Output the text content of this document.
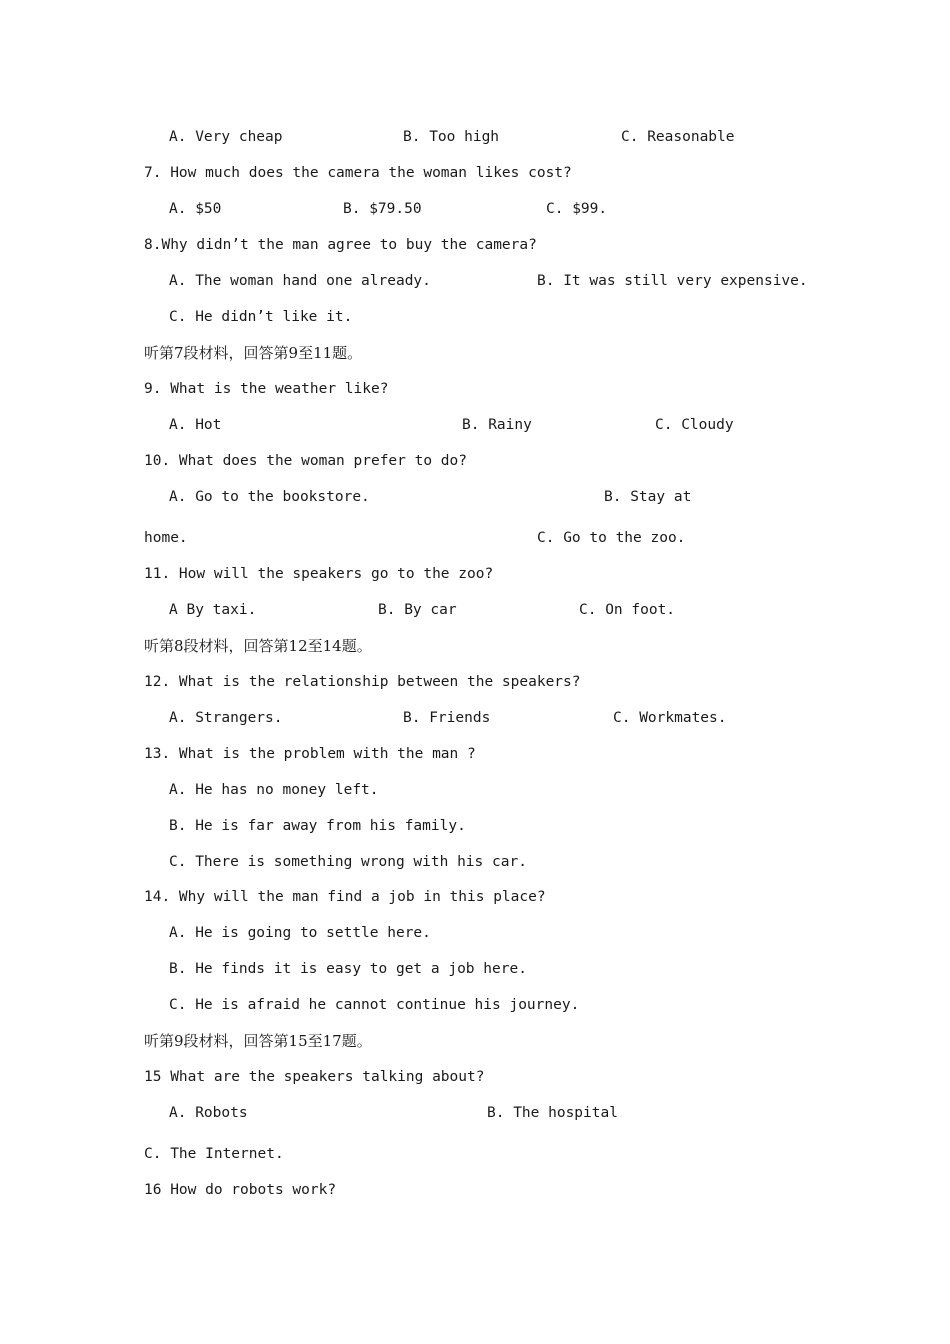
A. Very cheap	B. Too high	C. Reasonable
7. How much does the camera the woman likes cost?
A. $50	B. $79.50	C. $99.
8.Why didn’t the man agree to buy the camera?
A. The woman hand one already.	B. It was still very expensive.
C. He didn’t like it.
听第7段材料，回答第9至11题。
9. What is the weather like?
A. Hot	B. Rainy	C. Cloudy
10. What does the woman prefer to do?
A. Go to the bookstore.	B. Stay at
home.	C. Go to the zoo.
11. How will the speakers go to the zoo?
A By taxi.	B. By car	C. On foot.
听第8段材料，回答第12至14题。
12. What is the relationship between the speakers?
A. Strangers.	B. Friends	C. Workmates.
13. What is the problem with the man ?
A. He has no money left.
B. He is far away from his family.
C. There is something wrong with his car.
14. Why will the man find a job in this place?
A. He is going to settle here.
B. He finds it is easy to get a job here.
C. He is afraid he cannot continue his journey.
听第9段材料，回答第15至17题。
15 What are the speakers talking about?
A. Robots	B. The hospital
C. The Internet.
16 How do robots work?
